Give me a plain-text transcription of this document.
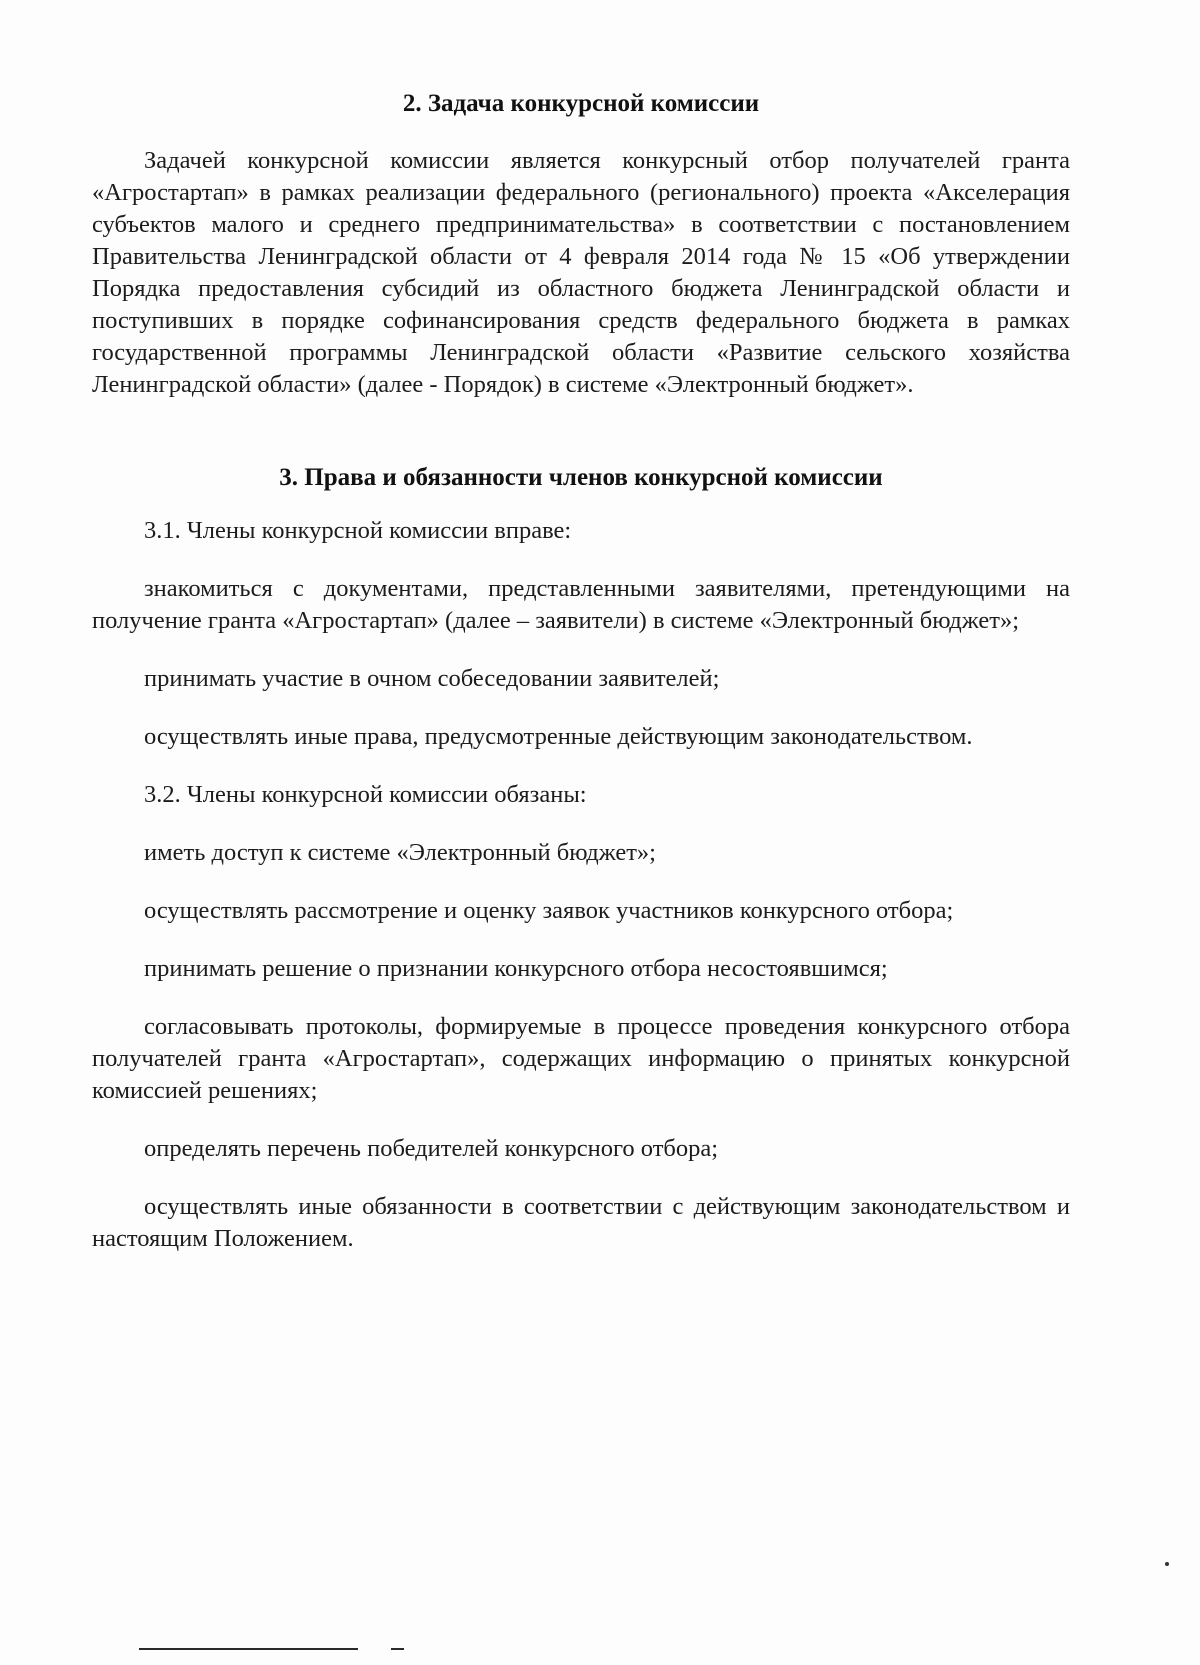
2. Задача конкурсной комиссии

Задачей конкурсной комиссии является конкурсный отбор получателей гранта «Агростартап» в рамках реализации федерального (регионального) проекта «Акселерация субъектов малого и среднего предпринимательства» в соответствии с постановлением Правительства Ленинградской области от 4 февраля 2014 года № 15 «Об утверждении Порядка предоставления субсидий из областного бюджета Ленинградской области и поступивших в порядке софинансирования средств федерального бюджета в рамках государственной программы Ленинградской области «Развитие сельского хозяйства Ленинградской области» (далее - Порядок) в системе «Электронный бюджет».

3. Права и обязанности членов конкурсной комиссии

3.1. Члены конкурсной комиссии вправе:

знакомиться с документами, представленными заявителями, претендующими на получение гранта «Агростартап» (далее – заявители) в системе «Электронный бюджет»;

принимать участие в очном собеседовании заявителей;

осуществлять иные права, предусмотренные действующим законодательством.

3.2. Члены конкурсной комиссии обязаны:

иметь доступ к системе «Электронный бюджет»;

осуществлять рассмотрение и оценку заявок участников конкурсного отбора;

принимать решение о признании конкурсного отбора несостоявшимся;

согласовывать протоколы, формируемые в процессе проведения конкурсного отбора получателей гранта «Агростартап», содержащих информацию о принятых конкурсной комиссией решениях;

определять перечень победителей конкурсного отбора;

осуществлять иные обязанности в соответствии с действующим законодательством и настоящим Положением.
